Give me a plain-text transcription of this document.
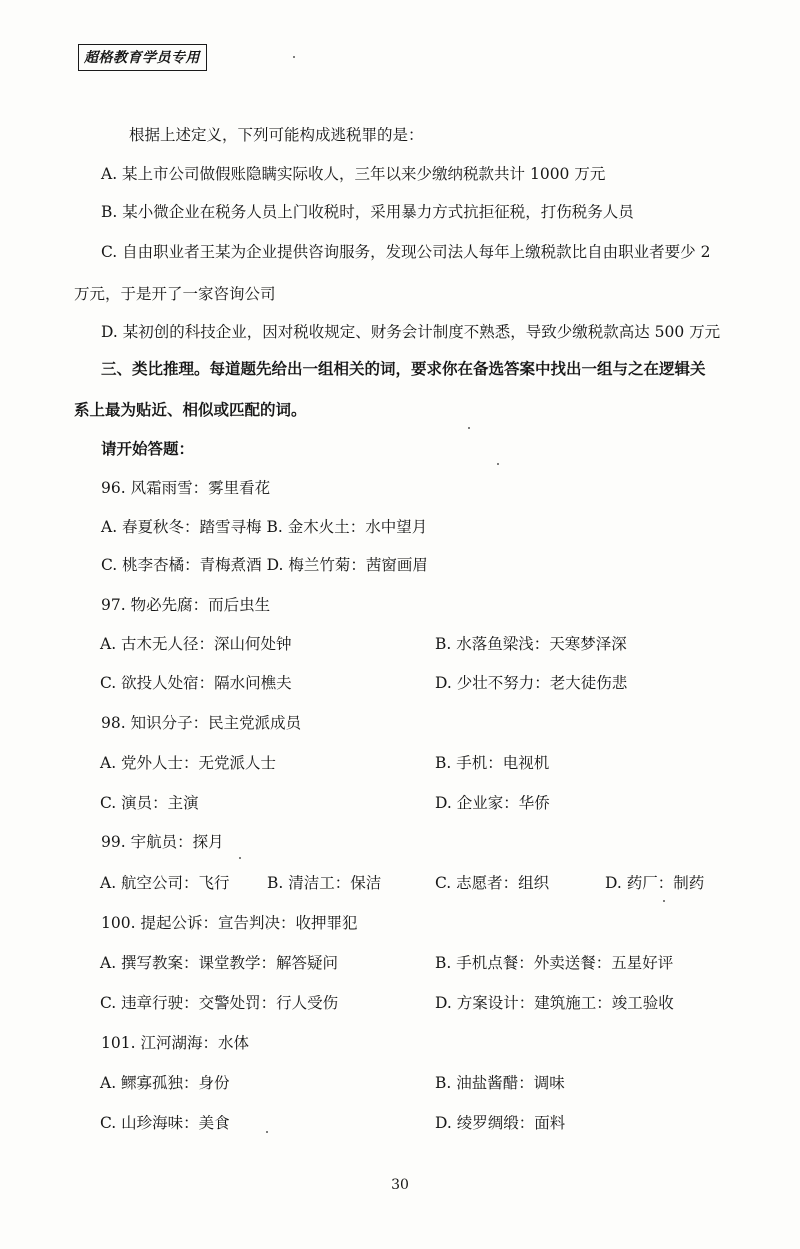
超格教育学员专用
根据上述定义，下列可能构成逃税罪的是：
A. 某上市公司做假账隐瞒实际收人，三年以来少缴纳税款共计 1000 万元
B. 某小微企业在税务人员上门收税时，采用暴力方式抗拒征税，打伤税务人员
C. 自由职业者王某为企业提供咨询服务，发现公司法人每年上缴税款比自由职业者要少 2
万元，于是开了一家咨询公司
D. 某初创的科技企业，因对税收规定、财务会计制度不熟悉，导致少缴税款高达 500 万元
三、类比推理。每道题先给出一组相关的词，要求你在备选答案中找出一组与之在逻辑关
系上最为贴近、相似或匹配的词。
请开始答题：
96. 风霜雨雪：雾里看花
A. 春夏秋冬：踏雪寻梅 B. 金木火土：水中望月
C. 桃李杏橘：青梅煮酒 D. 梅兰竹菊：茜窗画眉
97. 物必先腐：而后虫生
A. 古木无人径：深山何处钟	B. 水落鱼梁浅：天寒梦泽深
C. 欲投人处宿：隔水问樵夫	D. 少壮不努力：老大徒伤悲
98. 知识分子：民主党派成员
A. 党外人士：无党派人士	B. 手机：电视机
C. 演员：主演	D. 企业家：华侨
99. 宇航员：探月
A. 航空公司：飞行 B. 清洁工：保洁	C. 志愿者：组织	D. 药厂：制药
100. 提起公诉：宣告判决：收押罪犯
A. 撰写教案：课堂教学：解答疑问	B. 手机点餐：外卖送餐：五星好评
C. 违章行驶：交警处罚：行人受伤	D. 方案设计：建筑施工：竣工验收
101. 江河湖海：水体
A. 鳏寡孤独：身份	B. 油盐酱醋：调味
C. 山珍海味：美食	D. 绫罗绸缎：面料
30
